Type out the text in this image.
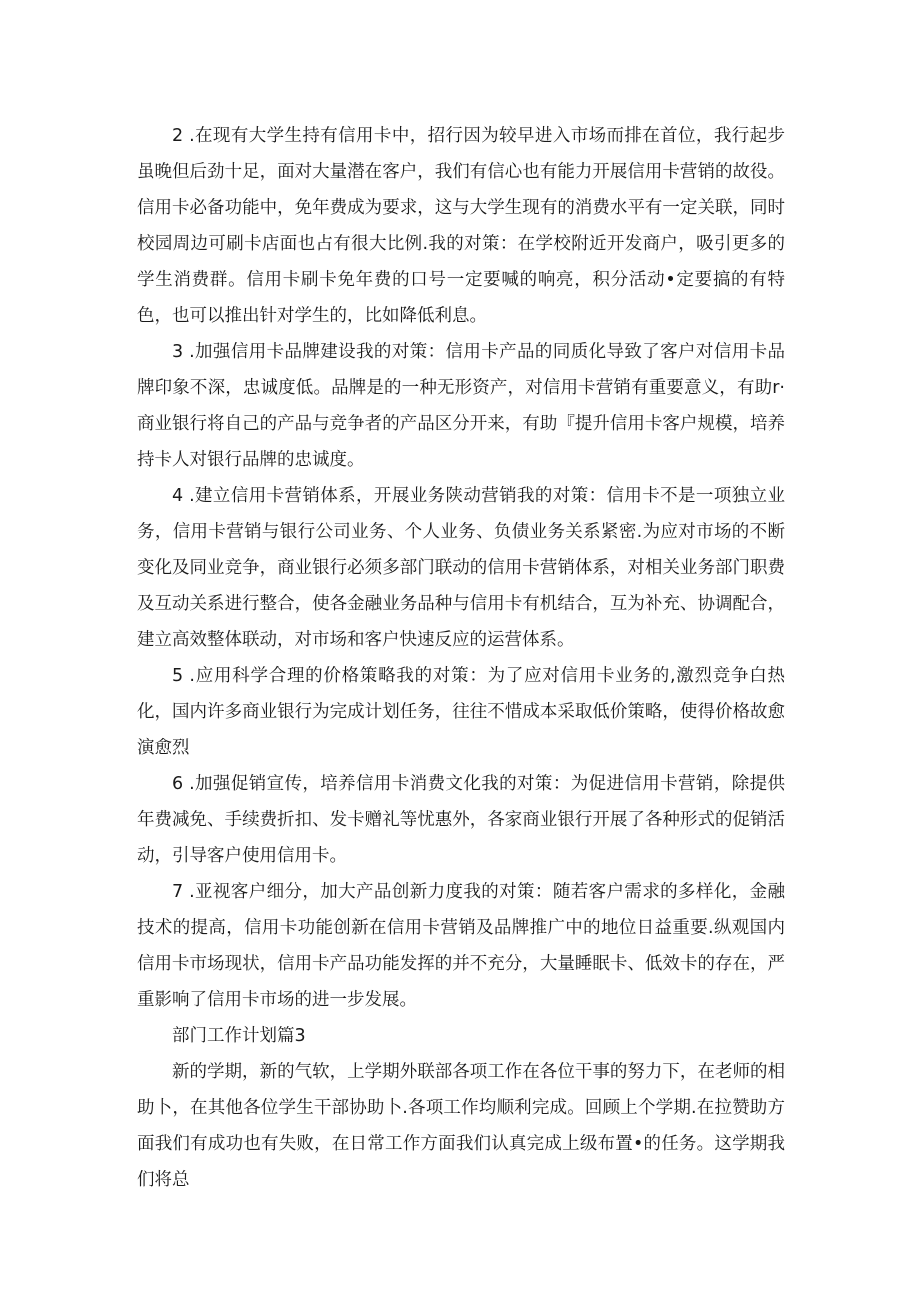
2 .在现有大学生持有信用卡中，招行因为较早进入市场而排在首位，我行起步虽晚但后劲十足，面对大量潜在客户，我们有信心也有能力开展信用卡营销的故役。信用卡必备功能中，免年费成为要求，这与大学生现有的消费水平有一定关联，同时校园周边可刷卡店面也占有很大比例.我的对策：在学校附近开发商户，吸引更多的学生消费群。信用卡刷卡免年费的口号一定要喊的响亮，积分活动•定要搞的有特色，也可以推出针对学生的，比如降低利息。

3 .加强信用卡品牌建设我的对策：信用卡产品的同质化导致了客户对信用卡品牌印象不深，忠诚度低。品牌是的一种无形资产，对信用卡营销有重要意义，有助r·商业银行将自己的产品与竞争者的产品区分开来，有助『提升信用卡客户规模，培养持卡人对银行品牌的忠诚度。

4 .建立信用卡营销体系，开展业务陕动营销我的对策：信用卡不是一项独立业务，信用卡营销与银行公司业务、个人业务、负债业务关系紧密.为应对市场的不断变化及同业竞争，商业银行必须多部门联动的信用卡营销体系，对相关业务部门职费及互动关系进行整合，使各金融业务品种与信用卡有机结合，互为补充、协调配合，建立高效整体联动，对市场和客户快速反应的运营体系。

5 .应用科学合理的价格策略我的对策：为了应对信用卡业务的,激烈竞争白热化，国内许多商业银行为完成计划任务，往往不惜成本采取低价策略，使得价格故愈演愈烈

6 .加强促销宣传，培养信用卡消费文化我的对策：为促进信用卡营销，除提供年费减免、手续费折扣、发卡赠礼等忧惠外，各家商业银行开展了各种形式的促销活动，引导客户使用信用卡。

7 .亚视客户细分，加大产品创新力度我的对策：随若客户需求的多样化，金融技术的提高，信用卡功能创新在信用卡营销及品牌推广中的地位日益重要.纵观国内信用卡市场现状，信用卡产品功能发挥的并不充分，大量睡眠卡、低效卡的存在，严重影响了信用卡市场的进一步发展。

部门工作计划篇3

新的学期，新的气软，上学期外联部各项工作在各位干事的努力下，在老师的相助卜，在其他各位学生干部协助卜.各项工作均顺利完成。回顾上个学期.在拉赞助方面我们有成功也有失败，在日常工作方面我们认真完成上级布置•的任务。这学期我们将总
